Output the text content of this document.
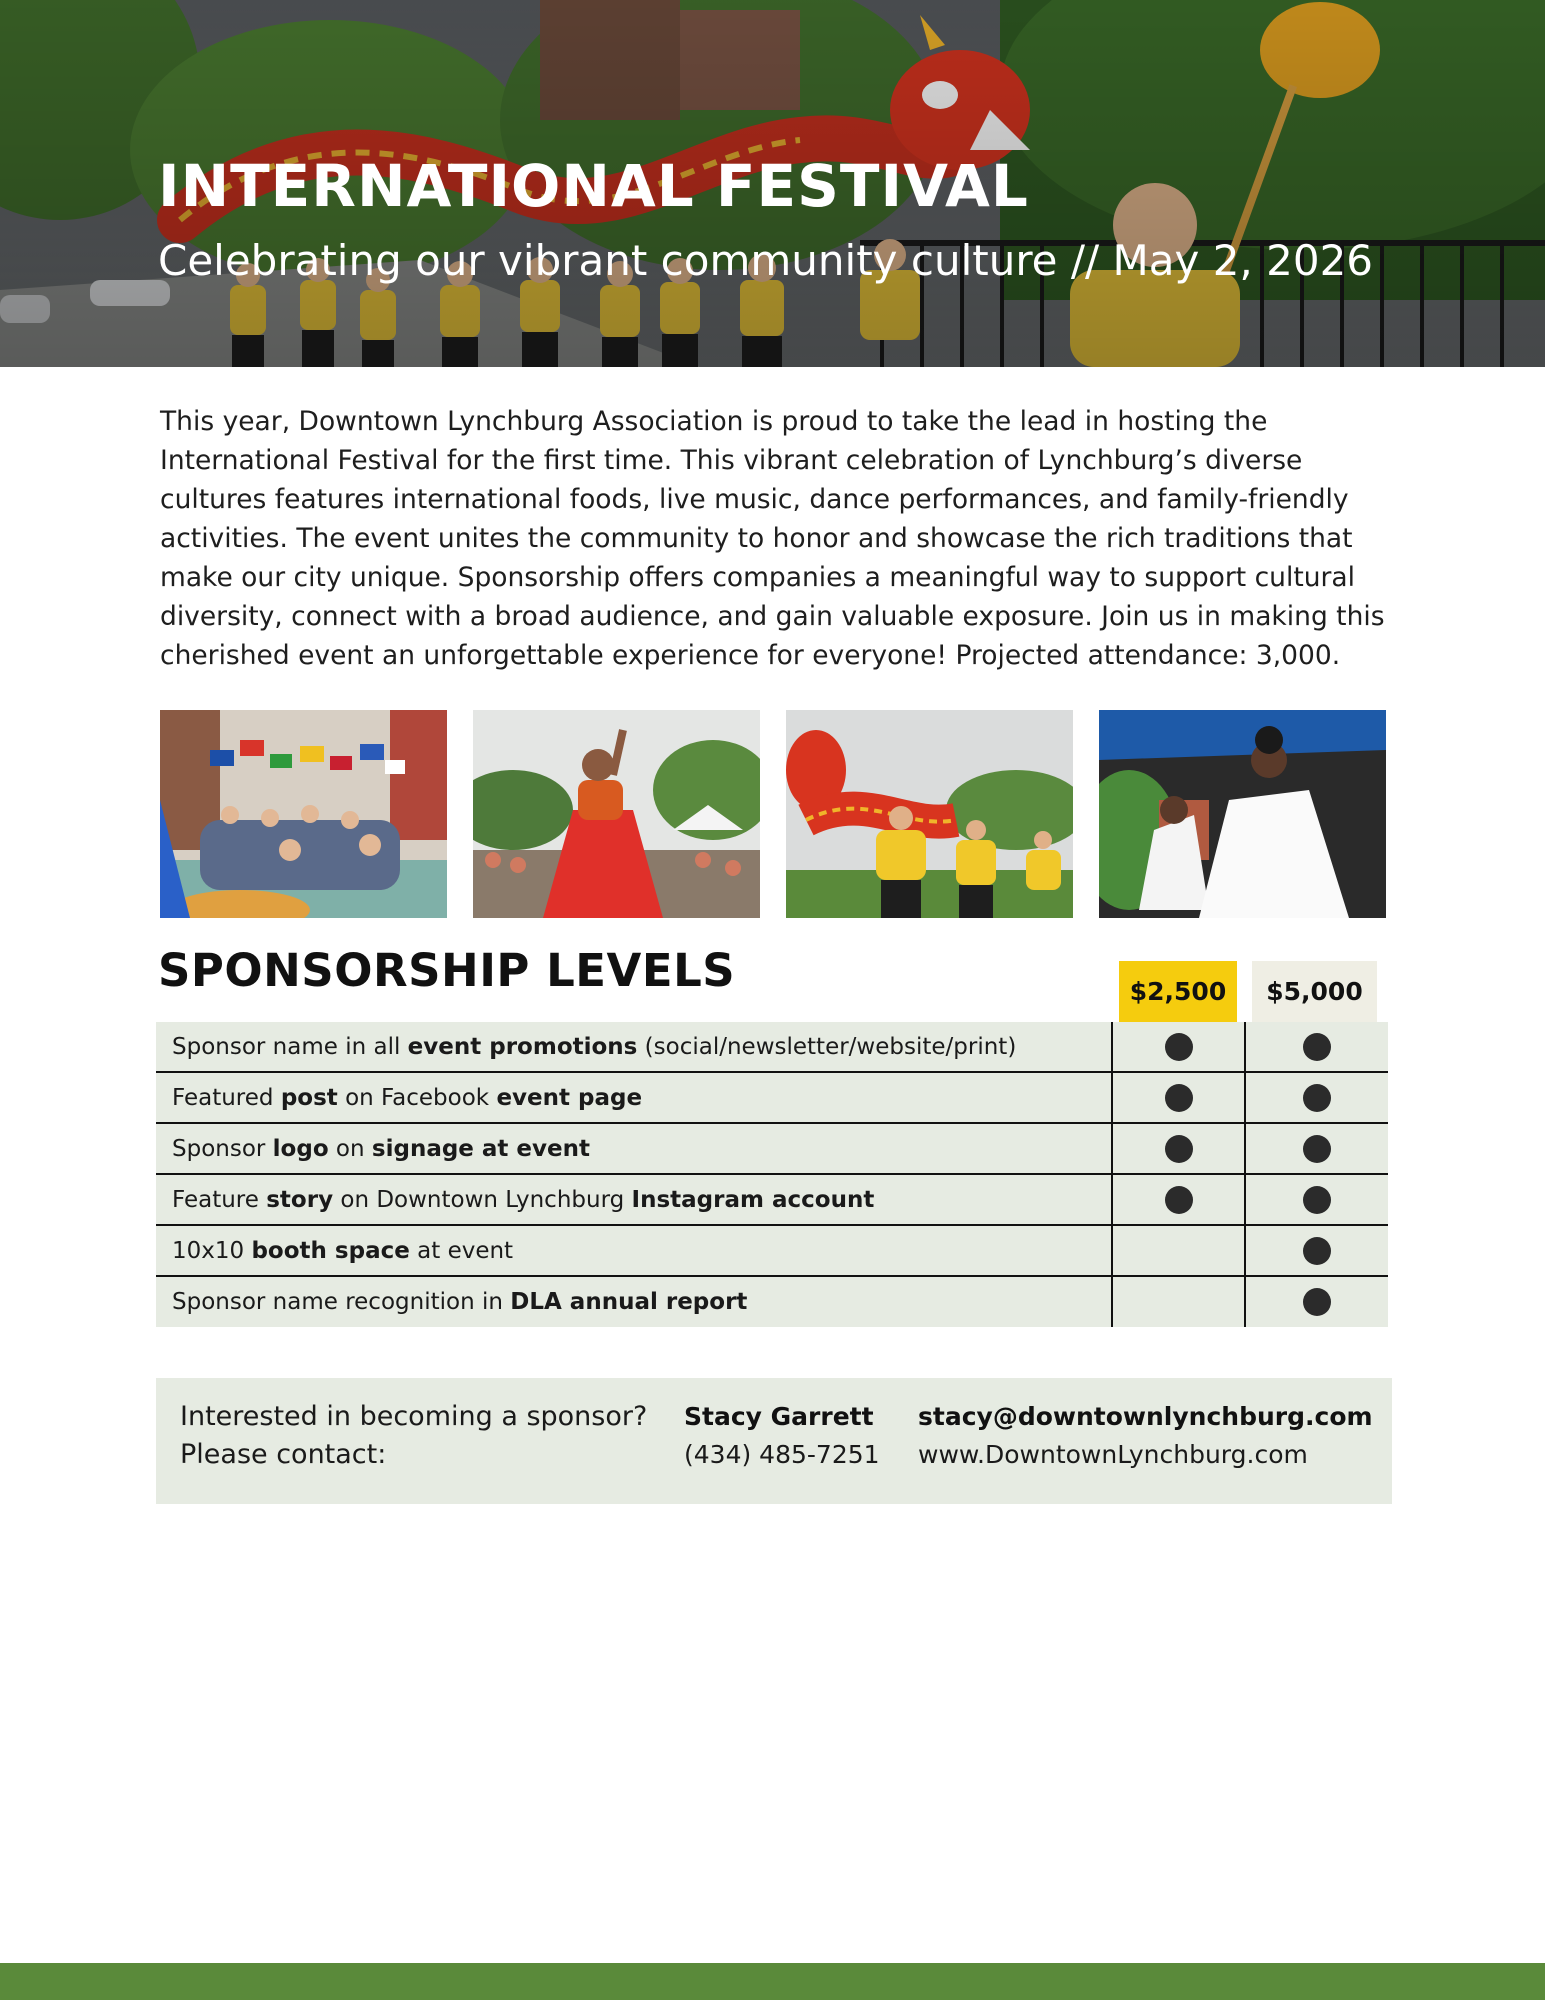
INTERNATIONAL FESTIVAL
Celebrating our vibrant community culture // May 2, 2026

This year, Downtown Lynchburg Association is proud to take the lead in hosting the International Festival for the first time. This vibrant celebration of Lynchburg’s diverse cultures features international foods, live music, dance performances, and family-friendly activities. The event unites the community to honor and showcase the rich traditions that make our city unique. Sponsorship offers companies a meaningful way to support cultural diversity, connect with a broad audience, and gain valuable exposure. Join us in making this cherished event an unforgettable experience for everyone! Projected attendance: 3,000.

SPONSORSHIP LEVELS	$2,500	$5,000
Sponsor name in all event promotions (social/newsletter/website/print)
Featured post on Facebook event page
Sponsor logo on signage at event
Feature story on Downtown Lynchburg Instagram account
10x10 booth space at event
Sponsor name recognition in DLA annual report
Interested in becoming a sponsor?
Please contact:
Stacy Garrett
(434) 485-7251
stacy@downtownlynchburg.com
www.DowntownLynchburg.com
